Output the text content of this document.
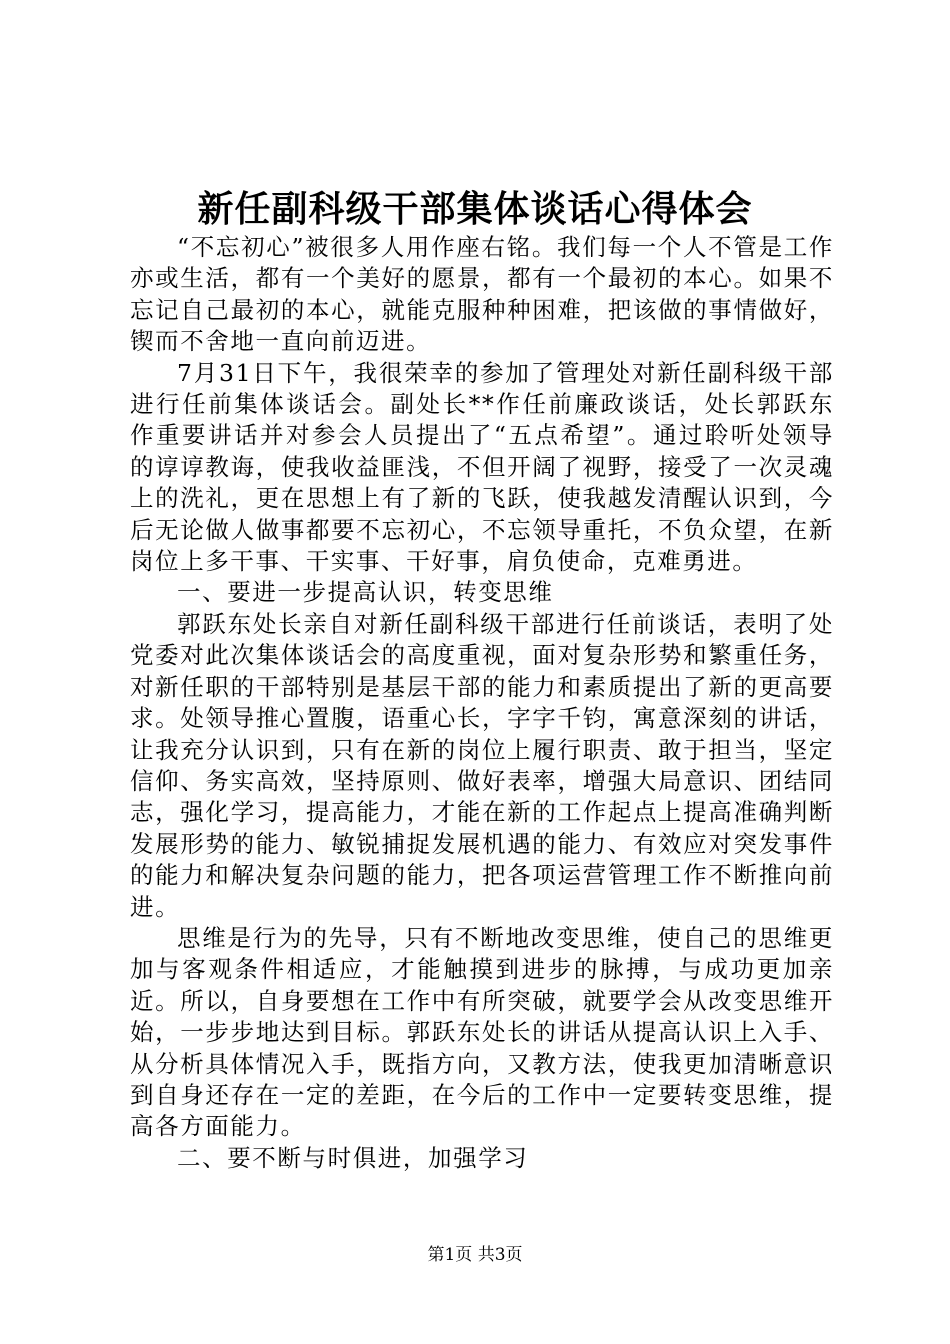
新任副科级干部集体谈话心得体会

“不忘初心”被很多人用作座右铭。我们每一个人不管是工作亦或生活，都有一个美好的愿景，都有一个最初的本心。如果不忘记自己最初的本心，就能克服种种困难，把该做的事情做好，锲而不舍地一直向前迈进。

7月31日下午，我很荣幸的参加了管理处对新任副科级干部进行任前集体谈话会。副处长**作任前廉政谈话，处长郭跃东作重要讲话并对参会人员提出了“五点希望”。通过聆听处领导的谆谆教诲，使我收益匪浅，不但开阔了视野，接受了一次灵魂上的洗礼，更在思想上有了新的飞跃，使我越发清醒认识到，今后无论做人做事都要不忘初心，不忘领导重托，不负众望，在新岗位上多干事、干实事、干好事，肩负使命，克难勇进。

一、要进一步提高认识，转变思维

郭跃东处长亲自对新任副科级干部进行任前谈话，表明了处党委对此次集体谈话会的高度重视，面对复杂形势和繁重任务，对新任职的干部特别是基层干部的能力和素质提出了新的更高要求。处领导推心置腹，语重心长，字字千钧，寓意深刻的讲话，让我充分认识到，只有在新的岗位上履行职责、敢于担当，坚定信仰、务实高效，坚持原则、做好表率，增强大局意识、团结同志，强化学习，提高能力，才能在新的工作起点上提高准确判断发展形势的能力、敏锐捕捉发展机遇的能力、有效应对突发事件的能力和解决复杂问题的能力，把各项运营管理工作不断推向前进。

思维是行为的先导，只有不断地改变思维，使自己的思维更加与客观条件相适应，才能触摸到进步的脉搏，与成功更加亲近。所以，自身要想在工作中有所突破，就要学会从改变思维开始，一步步地达到目标。郭跃东处长的讲话从提高认识上入手、从分析具体情况入手，既指方向，又教方法，使我更加清晰意识到自身还存在一定的差距，在今后的工作中一定要转变思维，提高各方面能力。

二、要不断与时俱进，加强学习

第1页 共3页
